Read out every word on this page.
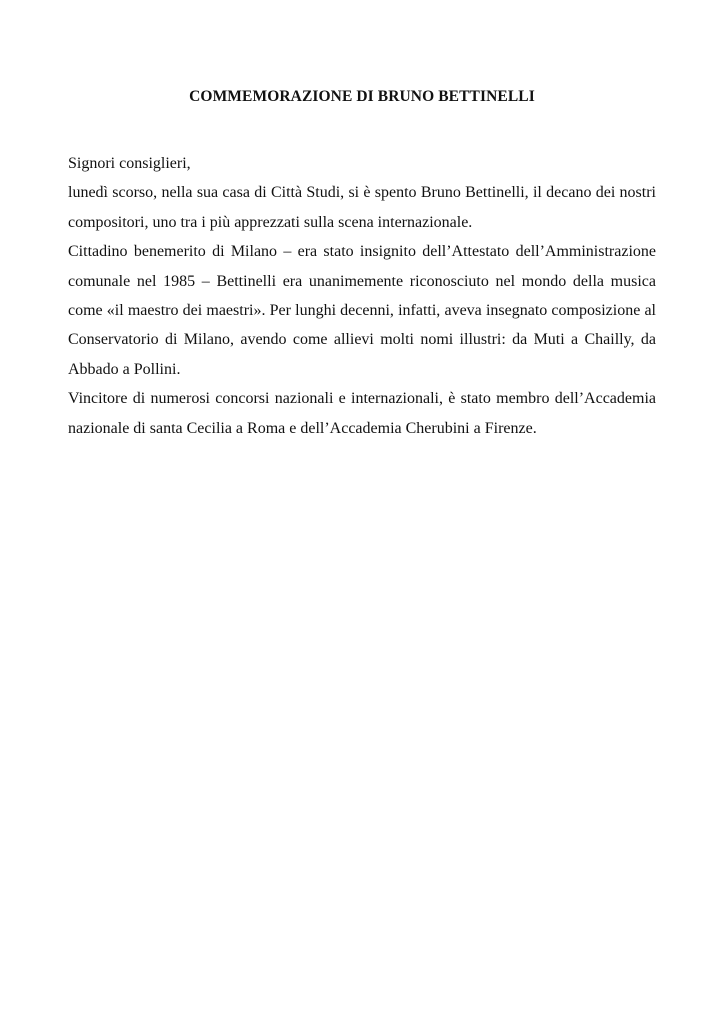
COMMEMORAZIONE DI BRUNO BETTINELLI

Signori consiglieri,

lunedì scorso, nella sua casa di Città Studi, si è spento Bruno Bettinelli, il decano dei nostri compositori, uno tra i più apprezzati sulla scena internazionale.

Cittadino benemerito di Milano – era stato insignito dell’Attestato dell’Amministrazione comunale nel 1985 – Bettinelli era unanimemente riconosciuto nel mondo della musica come «il maestro dei maestri». Per lunghi decenni, infatti, aveva insegnato composizione al Conservatorio di Milano, avendo come allievi molti nomi illustri: da Muti a Chailly, da Abbado a Pollini.

Vincitore di numerosi concorsi nazionali e internazionali, è stato membro dell’Accademia nazionale di santa Cecilia a Roma e dell’Accademia Cherubini a Firenze.
